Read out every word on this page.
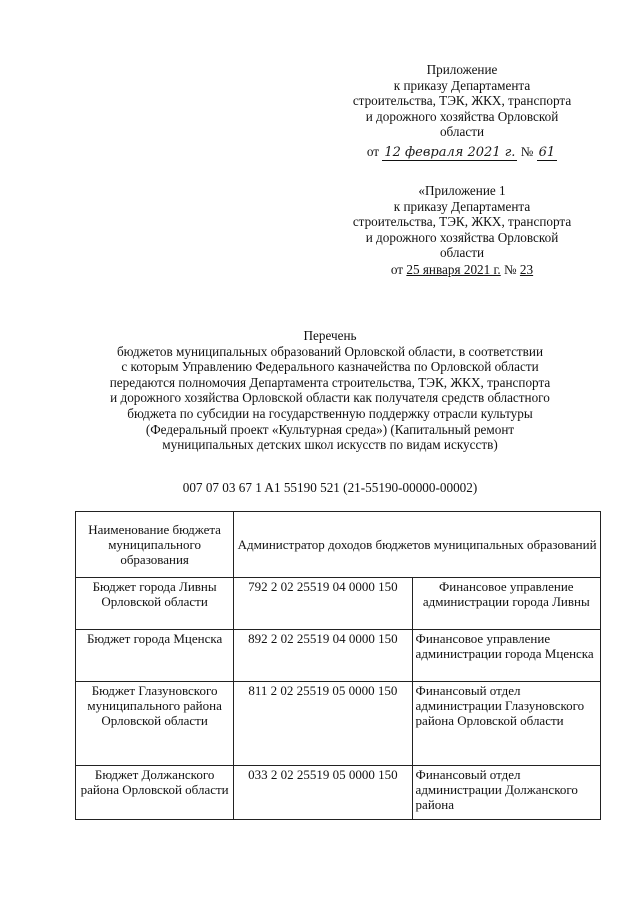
Приложение
к приказу Департамента
строительства, ТЭК, ЖКХ, транспорта
и дорожного хозяйства Орловской
области
от 12 февраля 2021 г. № 61
«Приложение 1
к приказу Департамента
строительства, ТЭК, ЖКХ, транспорта
и дорожного хозяйства Орловской
области
от 25 января 2021 г. № 23
Перечень
бюджетов муниципальных образований Орловской области, в соответствии
с которым Управлению Федерального казначейства по Орловской области
передаются полномочия Департамента строительства, ТЭК, ЖКХ, транспорта
и дорожного хозяйства Орловской области как получателя средств областного
бюджета по субсидии на государственную поддержку отрасли культуры
(Федеральный проект «Культурная среда») (Капитальный ремонт
муниципальных детских школ искусств по видам искусств)
007 07 03 67 1 A1 55190 521 (21-55190-00000-00002)
Наименование бюджета муниципального образования	Администратор доходов бюджетов муниципальных образований	
Бюджет города Ливны Орловской области	792 2 02 25519 04 0000 150	Финансовое управление администрации города Ливны
Бюджет города Мценска	892 2 02 25519 04 0000 150	Финансовое управление администрации города Мценска
Бюджет Глазуновского муниципального района Орловской области	811 2 02 25519 05 0000 150	Финансовый отдел администрации Глазуновского района Орловской области
Бюджет Должанского района Орловской области	033 2 02 25519 05 0000 150	Финансовый отдел администрации Должанского района
